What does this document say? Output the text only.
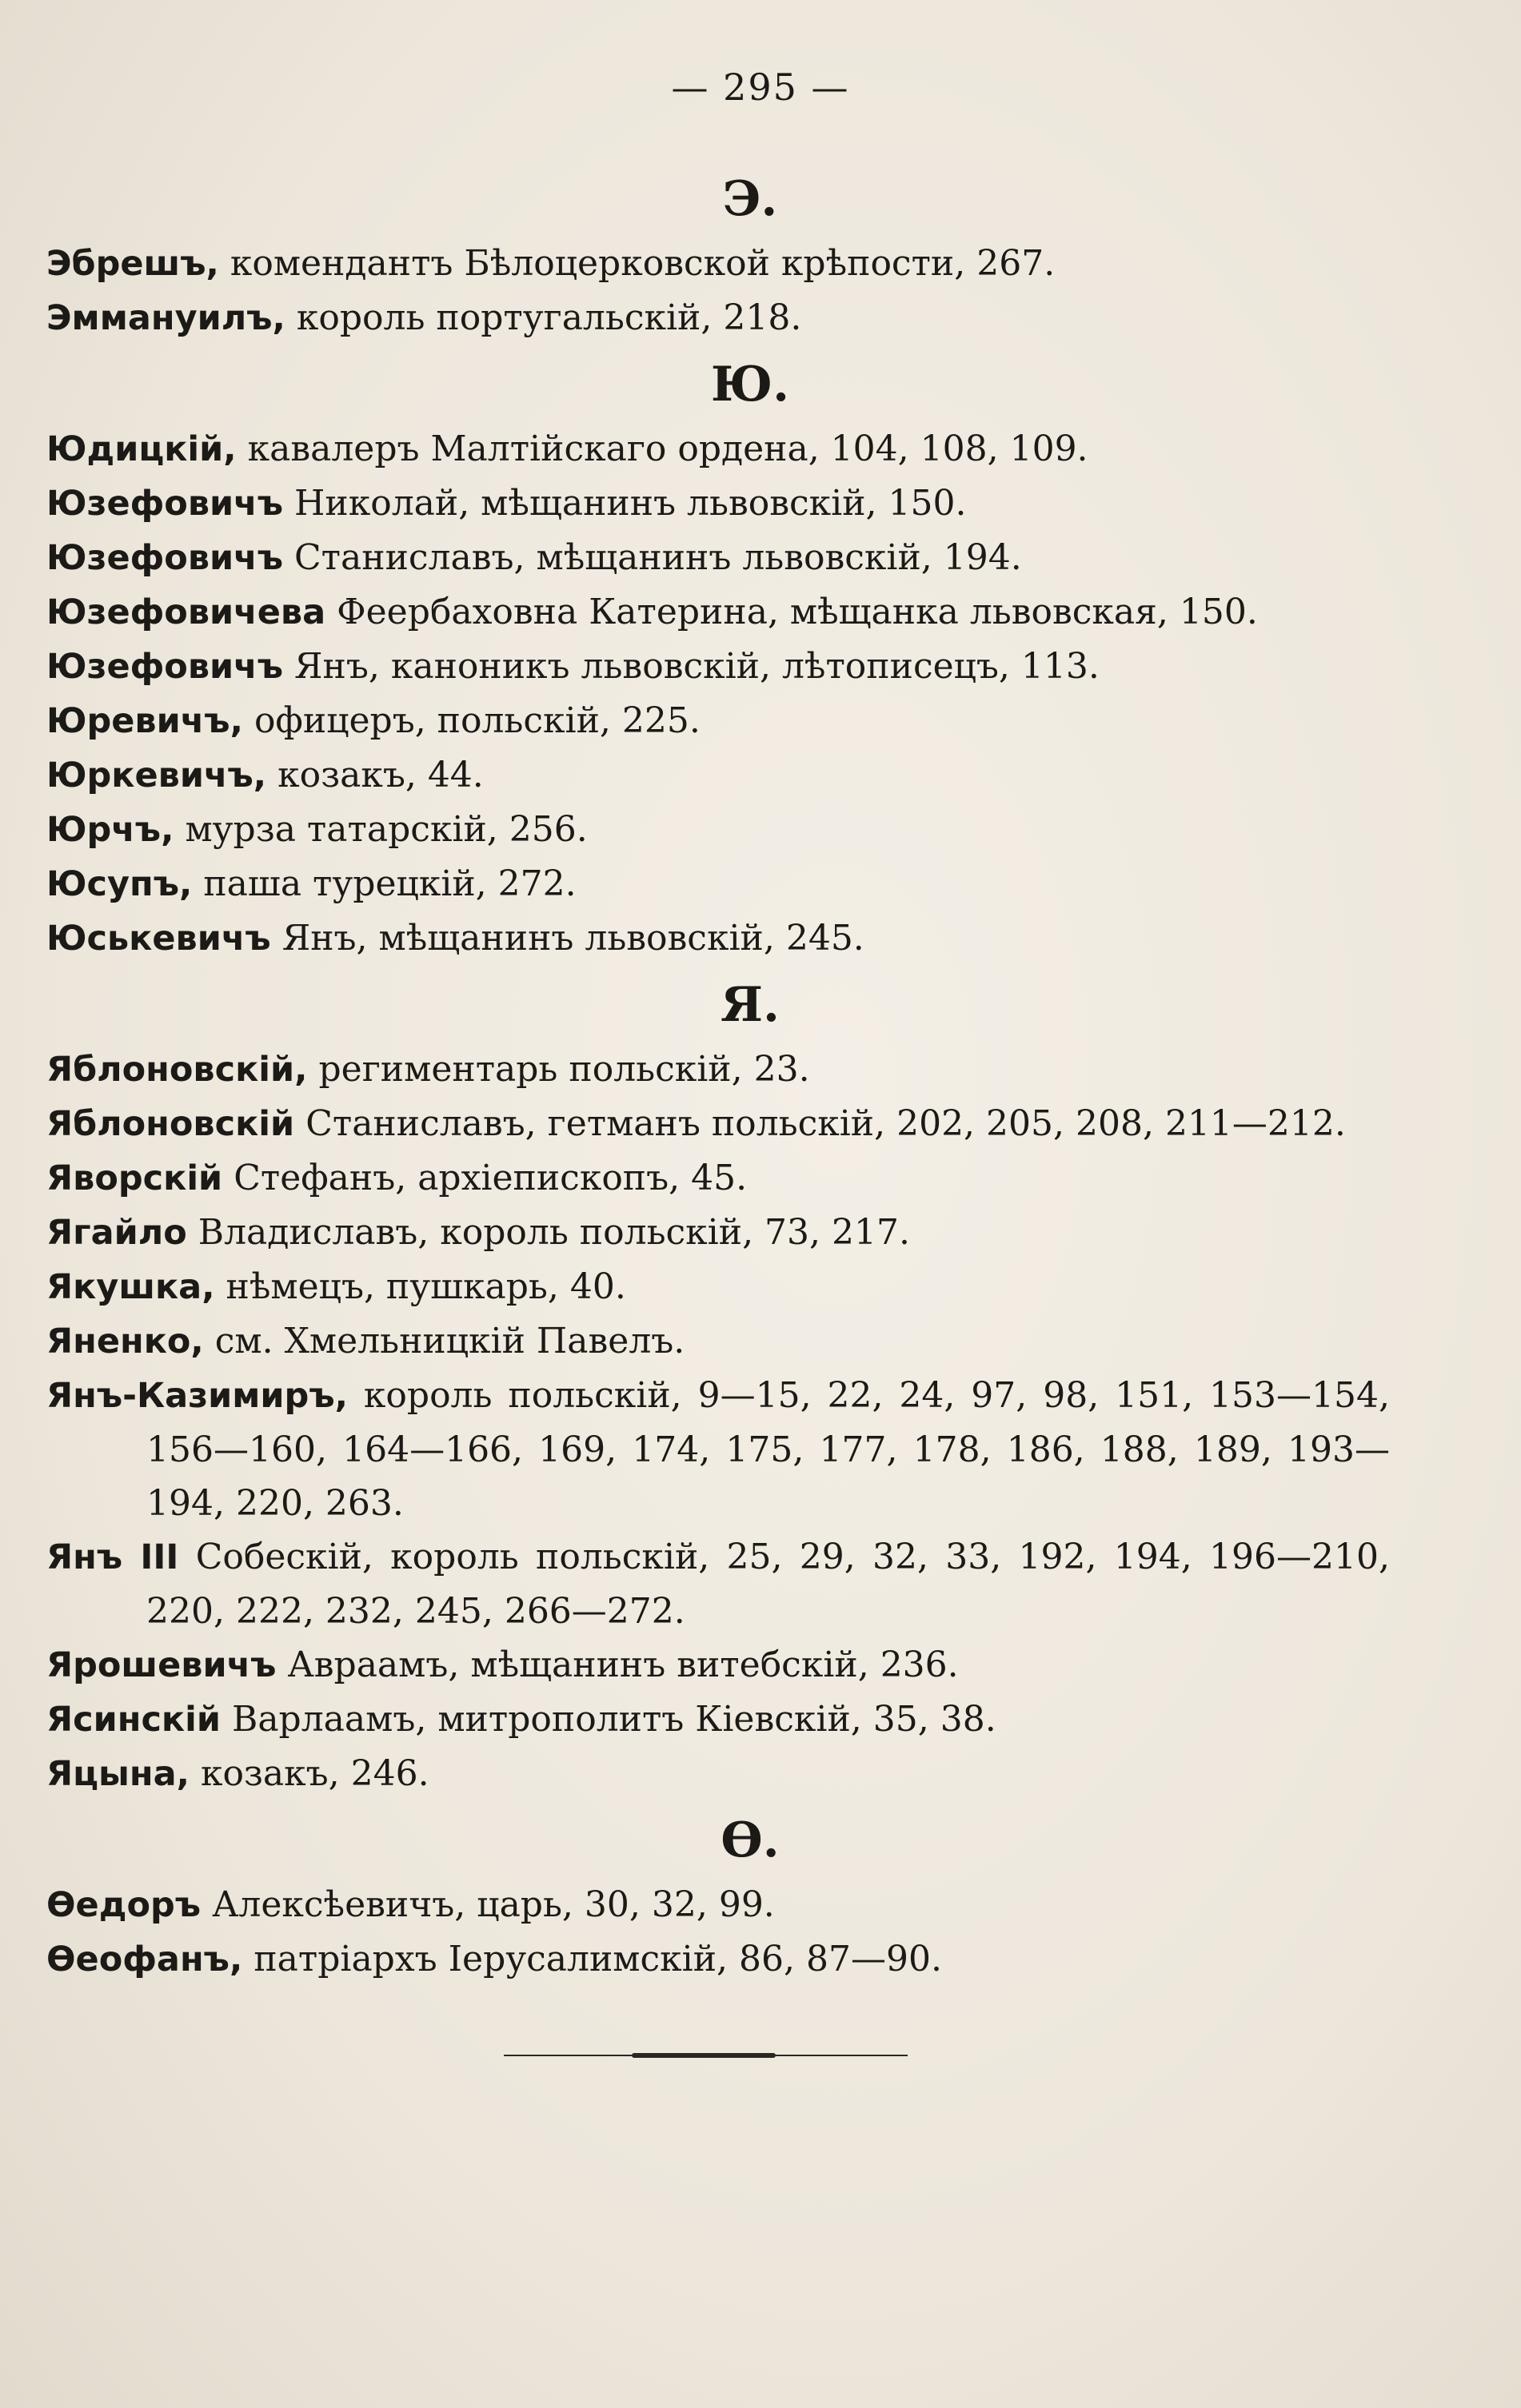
— 295 —
Э.
Эбрешъ, комендантъ Бѣлоцерковской крѣпости, 267.
Эммануилъ, король португальскій, 218.
Ю.
Юдицкій, кавалеръ Малтійскаго ордена, 104, 108, 109.
Юзефовичъ Николай, мѣщанинъ львовскій, 150.
Юзефовичъ Станиславъ, мѣщанинъ львовскій, 194.
Юзефовичева Феербаховна Катерина, мѣщанка львовская, 150.
Юзефовичъ Янъ, каноникъ львовскій, лѣтописецъ, 113.
Юревичъ, офицеръ, польскій, 225.
Юркевичъ, козакъ, 44.
Юрчъ, мурза татарскій, 256.
Юсупъ, паша турецкій, 272.
Юськевичъ Янъ, мѣщанинъ львовскій, 245.
Я.
Яблоновскій, региментарь польскій, 23.
Яблоновскій Станиславъ, гетманъ польскій, 202, 205, 208, 211—212.
Яворскій Стефанъ, архіепископъ, 45.
Ягайло Владиславъ, король польскій, 73, 217.
Якушка, нѣмецъ, пушкарь, 40.
Яненко, см. Хмельницкій Павелъ.
Янъ-Казимиръ, король польскій, 9—15, 22, 24, 97, 98, 151, 153—154, 156—160, 164—166, 169, 174, 175, 177, 178, 186, 188, 189, 193—194, 220, 263.
Янъ III Собескій, король польскій, 25, 29, 32, 33, 192, 194, 196—210, 220, 222, 232, 245, 266—272.
Ярошевичъ Авраамъ, мѣщанинъ витебскій, 236.
Ясинскій Варлаамъ, митрополитъ Кіевскій, 35, 38.
Яцына, козакъ, 246.
Ѳ.
Ѳедоръ Алексѣевичъ, царь, 30, 32, 99.
Ѳеофанъ, патріархъ Іерусалимскій, 86, 87—90.
